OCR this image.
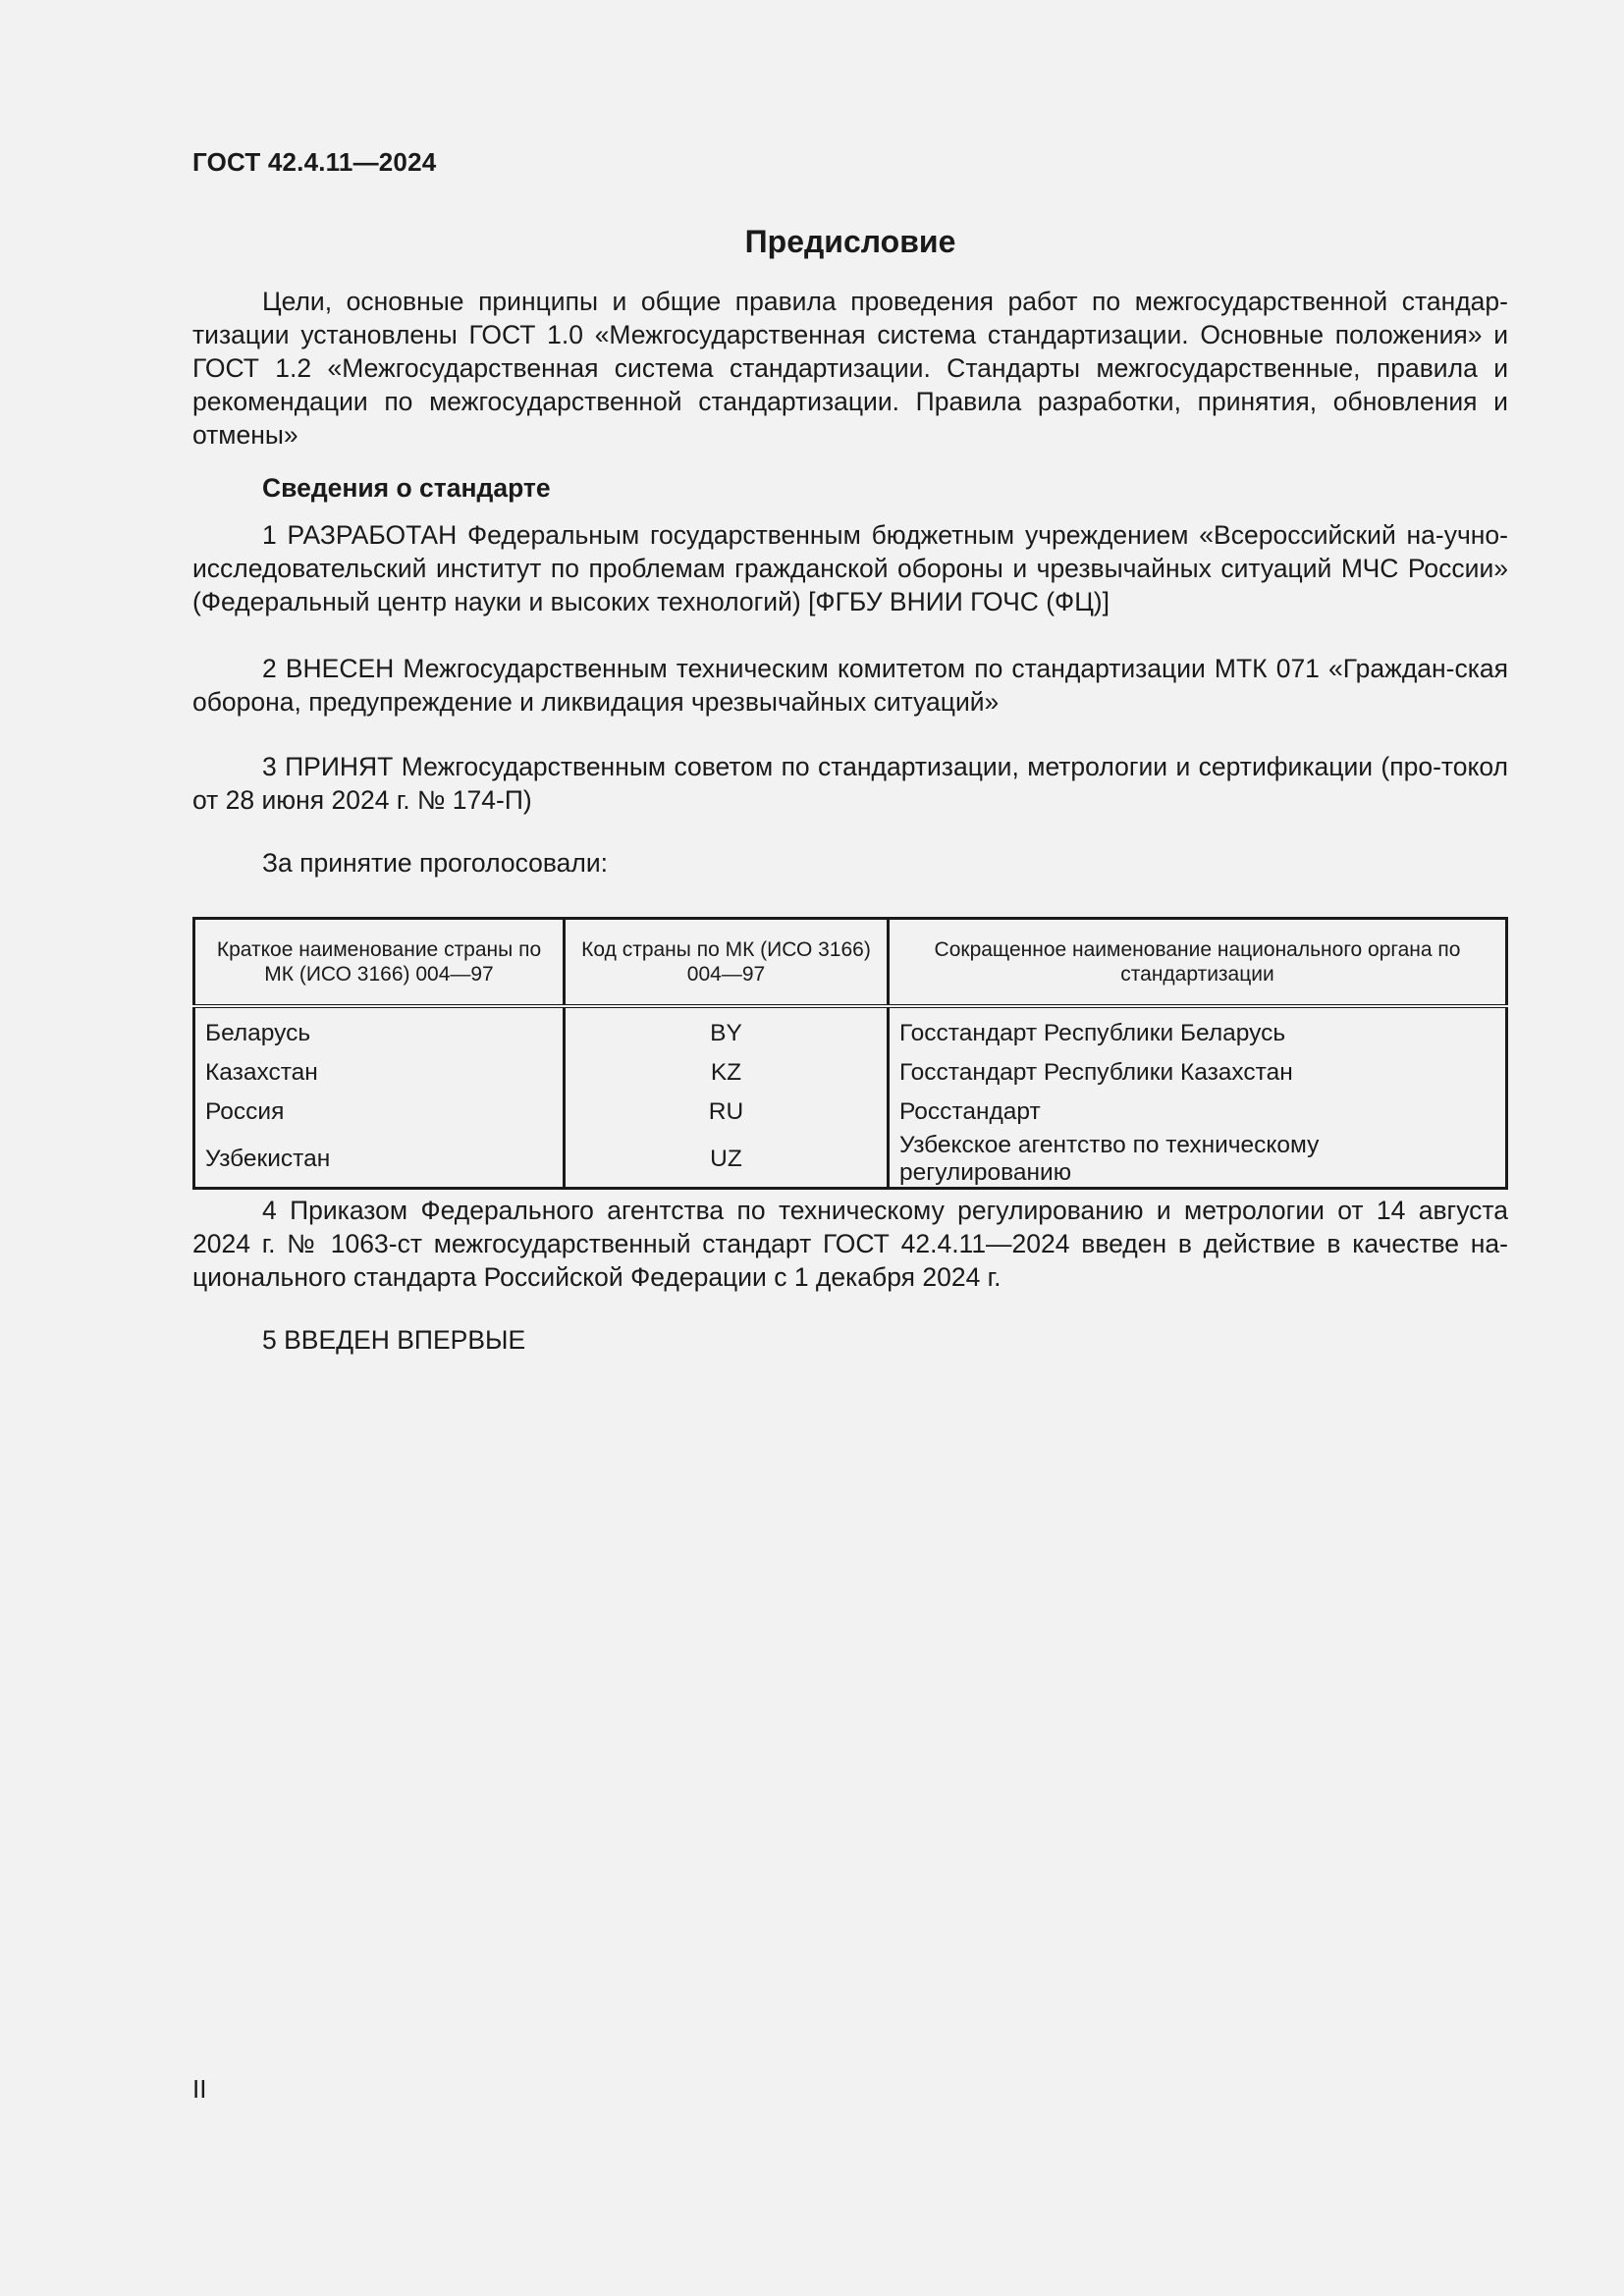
ГОСТ 42.4.11—2024
Предисловие

Цели, основные принципы и общие правила проведения работ по межгосударственной стандар-тизации установлены ГОСТ 1.0 «Межгосударственная система стандартизации. Основные положения» и ГОСТ 1.2 «Межгосударственная система стандартизации. Стандарты межгосударственные, правила и рекомендации по межгосударственной стандартизации. Правила разработки, принятия, обновления и отмены»

Сведения о стандарте

1 РАЗРАБОТАН Федеральным государственным бюджетным учреждением «Всероссийский на-учно-исследовательский институт по проблемам гражданской обороны и чрезвычайных ситуаций МЧС России» (Федеральный центр науки и высоких технологий) [ФГБУ ВНИИ ГОЧС (ФЦ)]

2 ВНЕСЕН Межгосударственным техническим комитетом по стандартизации МТК 071 «Граждан-ская оборона, предупреждение и ликвидация чрезвычайных ситуаций»

3 ПРИНЯТ Межгосударственным советом по стандартизации, метрологии и сертификации (про-токол от 28 июня 2024 г. № 174-П)

За принятие проголосовали:
Краткое наименование страны по МК (ИСО 3166) 004—97	Код страны по МК (ИСО 3166) 004—97	Сокращенное наименование национального органа по стандартизации
Беларусь	BY	Госстандарт Республики Беларусь
Казахстан	KZ	Госстандарт Республики Казахстан
Россия	RU	Росстандарт
Узбекистан	UZ	Узбекское агентство по техническому регулированию

4 Приказом Федерального агентства по техническому регулированию и метрологии от 14 августа 2024 г. № 1063-ст межгосударственный стандарт ГОСТ 42.4.11—2024 введен в действие в качестве на-ционального стандарта Российской Федерации с 1 декабря 2024 г.

5 ВВЕДЕН ВПЕРВЫЕ
II
